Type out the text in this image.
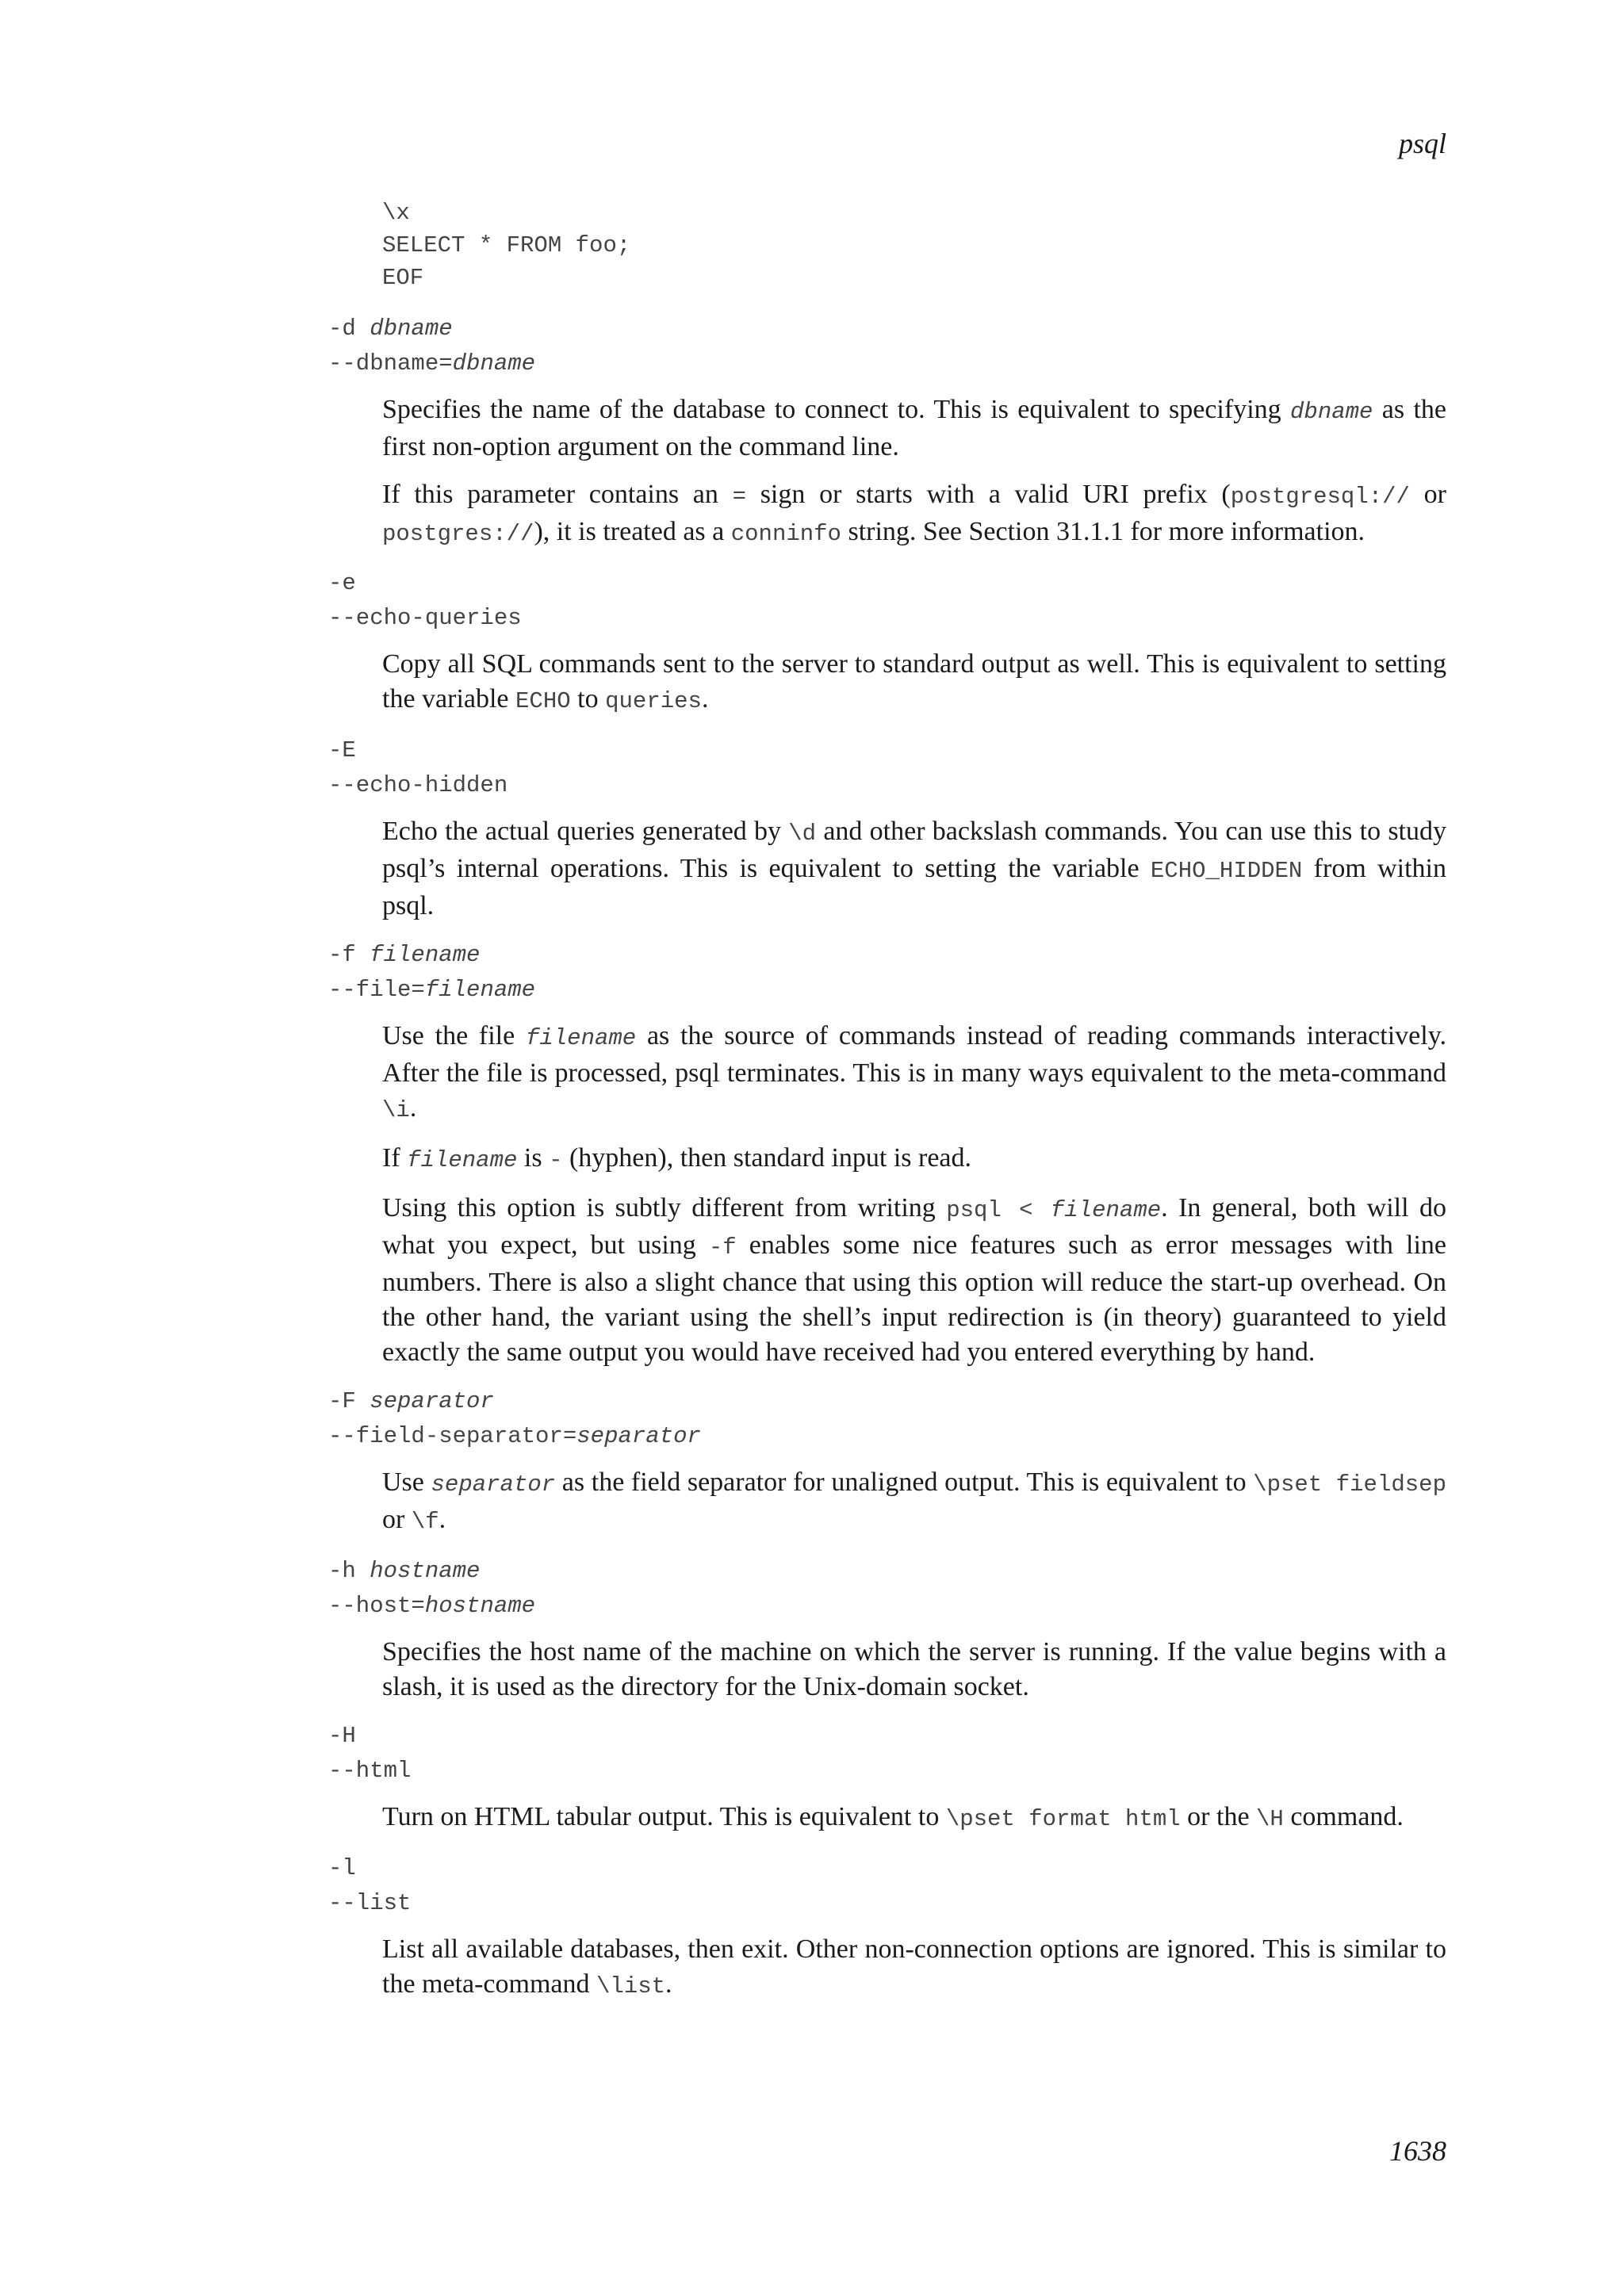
psql
\x
SELECT * FROM foo;
EOF
-d dbname
--dbname=dbname

Specifies the name of the database to connect to. This is equivalent to specifying dbname as the first non-option argument on the command line.

If this parameter contains an = sign or starts with a valid URI prefix (postgresql:// or postgres://), it is treated as a conninfo string. See Section 31.1.1 for more information.

-e
--echo-queries

Copy all SQL commands sent to the server to standard output as well. This is equivalent to setting the variable ECHO to queries.

-E
--echo-hidden

Echo the actual queries generated by \d and other backslash commands. You can use this to study psql’s internal operations. This is equivalent to setting the variable ECHO_HIDDEN from within psql.

-f filename
--file=filename

Use the file filename as the source of commands instead of reading commands interactively. After the file is processed, psql terminates. This is in many ways equivalent to the meta-command \i.

If filename is - (hyphen), then standard input is read.

Using this option is subtly different from writing psql < filename. In general, both will do what you expect, but using -f enables some nice features such as error messages with line numbers. There is also a slight chance that using this option will reduce the start-up overhead. On the other hand, the variant using the shell’s input redirection is (in theory) guaranteed to yield exactly the same output you would have received had you entered everything by hand.

-F separator
--field-separator=separator

Use separator as the field separator for unaligned output. This is equivalent to \pset fieldsep or \f.

-h hostname
--host=hostname

Specifies the host name of the machine on which the server is running. If the value begins with a slash, it is used as the directory for the Unix-domain socket.

-H
--html

Turn on HTML tabular output. This is equivalent to \pset format html or the \H command.

-l
--list

List all available databases, then exit. Other non-connection options are ignored. This is similar to the meta-command \list.

1638
